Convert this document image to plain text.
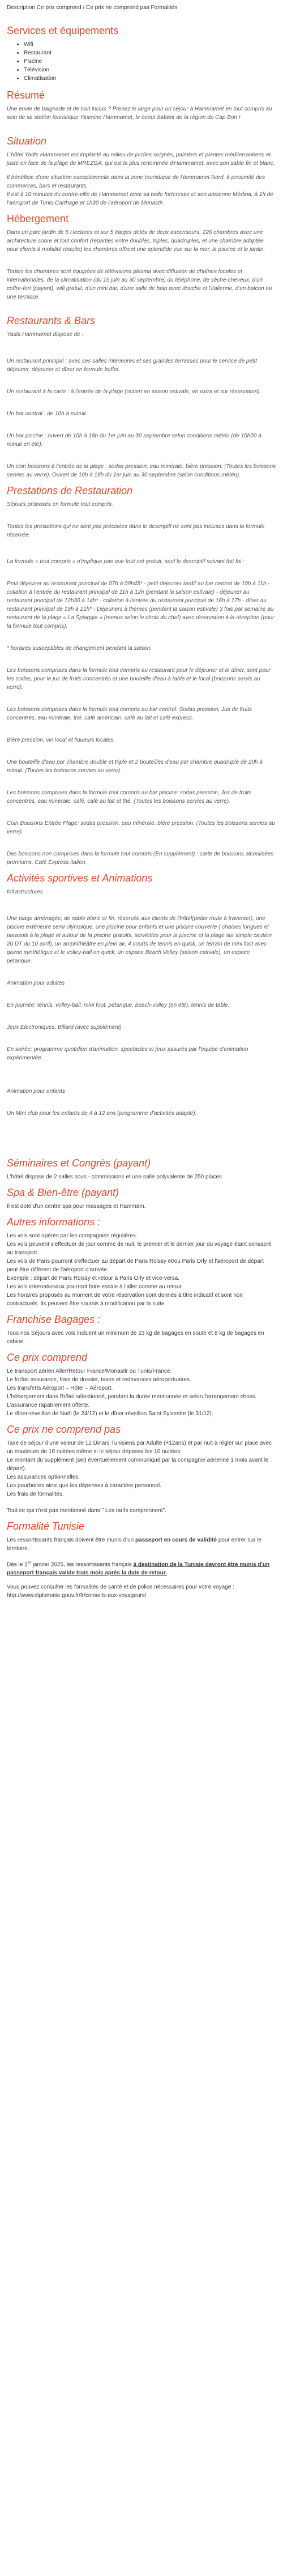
Description Ce prix comprend / Ce prix ne comprend pas Formalités
Services et équipements
• Wifi
• Restaurant
• Piscine
• Télévision
• Climatisation
Résumé

Une envie de baignade et de tout inclus ? Prenez le large pour un séjour à Hammamet en tout compris au sein de sa station touristique Yasmine Hammamet, le coeur battant de la région du Cap Bon !

Situation

L'hôtel Yadis Hammamet est implanté au milieu de jardins soignés, palmiers et plantes méditerranéens et juste en face de la plage de MREZGA, qui est la plus renommée d'Hammamet, avec son sable fin et blanc.

Il bénéficie d'une situation exceptionnelle dans la zone touristique de Hammamet Nord, à proximité des commerces, bars et restaurants.

Il est à 10 minutes du centre-ville de Hammamet avec sa belle forteresse et son ancienne Médina, à 1h de l'aéroport de Tunis-Carthage et 1h30 de l'aéroport de Monastir.

Hébergement

Dans un parc jardin de 5 Hectares et sur 5 étages dotés de deux ascenseurs, 226 chambres avec une architecture sobre et tout confort (reparties entre doubles, triples, quadruples, et une chambre adaptée pour clients à mobilité réduite) les chambres offrent une splendide vue sur la mer, la piscine et le jardin.

Toutes les chambres sont équipées de télévisions plasma avec diffusion de chaînes locales et internationales, de la climatisation (du 15 juin au 30 septembre) du téléphone, de sèche-cheveux, d'un coffre-fort (payant), wifi gratuit, d'un mini bar, d'une salle de bain avec douche et l'italienne, d'un balcon ou une terrasse.

Restaurants & Bars

Yadis Hammamet dispose de :

Un restaurant principal : avec ses salles intérieures et ses grandes terrasses pour le service de petit déjeuner, déjeuner et dîner en formule buffet.

Un restaurant à la carte : à l'entrée de la plage (ouvert en saison estivale, en extra et sur réservation).

Un bar central : de 10h à minuit.

Un bar piscine : ouvert de 10h à 18h du 1er juin au 30 septembre selon conditions météo (de 10h00 à minuit en été).

Un coin boissons à l'entrée de la plage : sodas pression, eau minérale, bière pression. (Toutes les boissons servies au verre). Ouvert de 10h à 18h du 1er juin au 30 septembre (selon conditions météo).

Prestations de Restauration

Séjours proposés en formule tout compris.

Toutes les prestations qui ne sont pas précisées dans le descriptif ne sont pas incluses dans la formule réservée.

La formule « tout compris » n'implique pas que tout est gratuit, seul le descriptif suivant fait foi :

Petit déjeuner au restaurant principal de 07h à 09h45* - petit déjeuner tardif au bar central de 10h à 11h - collation à l'entrée du restaurant principal de 11h à 12h (pendant la saison estivale) - déjeuner au restaurant principal de 12h30 à 14h* - collation à l'entrée du restaurant principal de 16h à 17h - dîner au restaurant principal de 19h à 21h* - Déjeuners à thèmes (pendant la saison estivale) 3 fois par semaine au restaurant de la plage « La Spiaggia » (menus selon le choix du chef) avec réservation à la réception (pour la formule tout compris).

* horaires susceptibles de changement pendant la saison.

Les boissons comprises dans la formule tout compris au restaurant pour le déjeuner et le dîner, sont pour les sodas, pour le jus de fruits concentrés et une bouteille d'eau à table et le local (boissons servis au verre).

Les boissons comprises dans la formule tout compris au bar central: Sodas pression, Jus de fruits concentrés, eau minérale, thé, café américain, café au lait et café express.

Bière pression, vin local et liqueurs locales.

Une bouteille d'eau par chambre double et triple et 2 bouteilles d'eau par chambre quadruple de 20h à minuit. (Toutes les boissons servies au verre).

Les boissons comprises dans la formule tout compris au bar piscine: sodas pression, Jus de fruits concentrés, eau minérale, café, café au lait et thé. (Toutes les boissons servies au verre).

Coin Boissons Entrée Plage: sodas pression, eau minérale, bière pression. (Toutes les boissons servies au verre).

Des boissons non comprises dans la formule tout compris (En supplément) : carte de boissons alcoolisées premiums, Café Express italien.

Activités sportives et Animations

Infrastructures

Une plage aménagée, de sable blanc et fin, réservée aux clients de l'hôtel(petite route à traverser), une piscine extérieure semi-olympique, une piscine pour enfants et une piscine couverte ( chaises longues et parasols à la plage et autour de la piscine gratuits, serviettes pour la piscine et la plage sur simple caution 20 DT du 10 avril), un amphithéâtre en plein air, 4 courts de tennis en quick, un terrain de mini foot avec gazon synthétique et le volley-ball en quick, un espace Beach Volley (saison estivale), un espace pétanque.

Animation pour adultes

En journée: tennis, volley-ball, mini foot, pétanque, beach-volley (en été), tennis de table.

Jeux Electroniques, Billard (avec supplément)

En soirée: programme quotidien d'animation, spectacles et jeux assurés par l'équipe d'animation expérimentée.

Animation pour enfants

Un Mini club pour les enfants de 4 à 12 ans (programme d'activités adapté).

Séminaires et Congrès (payant)

L'hôtel dispose de 2 salles sous - commissions et une salle polyvalente de 250 places

Spa & Bien-être (payant)

Il est doté d'un centre spa pour massages et Hammam.

Autres informations :

Les vols sont opérés par les compagnies régulières.

Les vols peuvent s'effectuer de jour comme de nuit, le premier et le dernier jour du voyage étant consacré au transport.

Les vols de Paris pourront s'effectuer au départ de Paris Roissy et/ou Paris Orly et l'aéroport de départ peut être différent de l'aéroport d'arrivée.

Exemple : départ de Paris Roissy et retour à Paris Orly et vice-versa.

Les vols internationaux pourront faire escale à l'aller comme au retour.

Les horaires proposés au moment de votre réservation sont donnés à titre indicatif et sont non contractuels. Ils peuvent être soumis à modification par la suite.

Franchise Bagages :

Tous nos Séjours avec vols incluent un minimum de 23 kg de bagages en soute et 8 kg de bagages en cabine.

Ce prix comprend

Le transport aérien Aller/Retour France/Monastir ou Tunis/France.

Le forfait assurance, frais de dossier, taxes et redevances aéroportuaires.

Les transferts Aéroport – Hôtel – Aéroport.

L'hébergement dans l'hôtel sélectionné, pendant la durée mentionnée et selon l'arrangement choisi.

L'assurance rapatriement offerte.

Le dîner-réveillon de Noël (le 24/12) et le dîner-réveillon Saint Sylvestre (le 31/12).

Ce prix ne comprend pas

Taxe de séjour d'une valeur de 12 Dinars Tunisiens par Adulte (+12ans) et par nuit à régler sur place avec un maximum de 10 nuitées même si le séjour dépasse les 10 nuitées.

Le montant du supplément (sel) éventuellement communiqué par la compagnie aérienne 1 mois avant le départ).

Les assurances optionnelles.

Les pourboires ainsi que les dépenses à caractère personnel.

Les frais de formalités.

Tout ce qui n'est pas mentionné dans " Les tarifs comprennent".

Formalité Tunisie

Les ressortissants français doivent être munis d'un passeport en cours de validité pour entrer sur le territoire.

Dès le 1er janvier 2025, les ressortissants français à destination de la Tunisie devront être munis d'un passeport français valide trois mois après la date de retour.

Vous pouvez consulter les formalités de santé et de police nécessaires pour votre voyage : http://www.diplomatie.gouv.fr/fr/conseils-aux-voyageurs/
